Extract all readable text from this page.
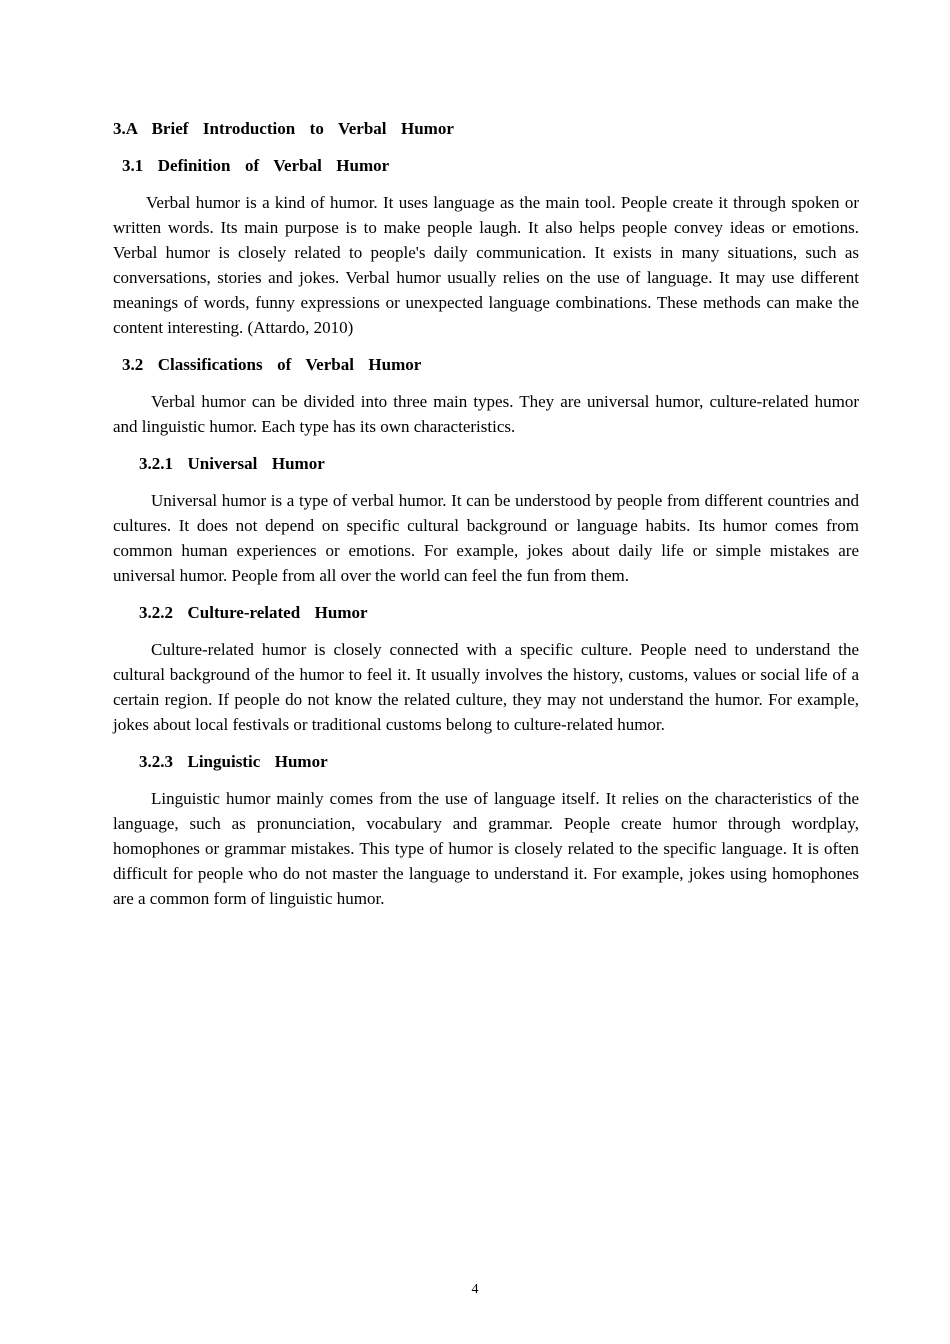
3.A  Brief  Introduction  to  Verbal  Humor

3.1  Definition  of  Verbal  Humor

Verbal humor is a kind of humor. It uses language as the main tool. People create it through spoken or written words. Its main purpose is to make people laugh. It also helps people convey ideas or emotions. Verbal humor is closely related to people's daily communication. It exists in many situations, such as conversations, stories and jokes. Verbal humor usually relies on the use of language. It may use different meanings of words, funny expressions or unexpected language combinations. These methods can make the content interesting. (Attardo, 2010)

3.2  Classifications  of  Verbal  Humor

Verbal humor can be divided into three main types. They are universal humor, culture-related humor and linguistic humor. Each type has its own characteristics.

3.2.1  Universal  Humor

Universal humor is a type of verbal humor. It can be understood by people from different countries and cultures. It does not depend on specific cultural background or language habits. Its humor comes from common human experiences or emotions. For example, jokes about daily life or simple mistakes are universal humor. People from all over the world can feel the fun from them.

3.2.2  Culture-related  Humor

Culture-related humor is closely connected with a specific culture. People need to understand the cultural background of the humor to feel it. It usually involves the history, customs, values or social life of a certain region. If people do not know the related culture, they may not understand the humor. For example, jokes about local festivals or traditional customs belong to culture-related humor.

3.2.3  Linguistic  Humor

Linguistic humor mainly comes from the use of language itself. It relies on the characteristics of the language, such as pronunciation, vocabulary and grammar. People create humor through wordplay, homophones or grammar mistakes. This type of humor is closely related to the specific language. It is often difficult for people who do not master the language to understand it. For example, jokes using homophones are a common form of linguistic humor.

4
